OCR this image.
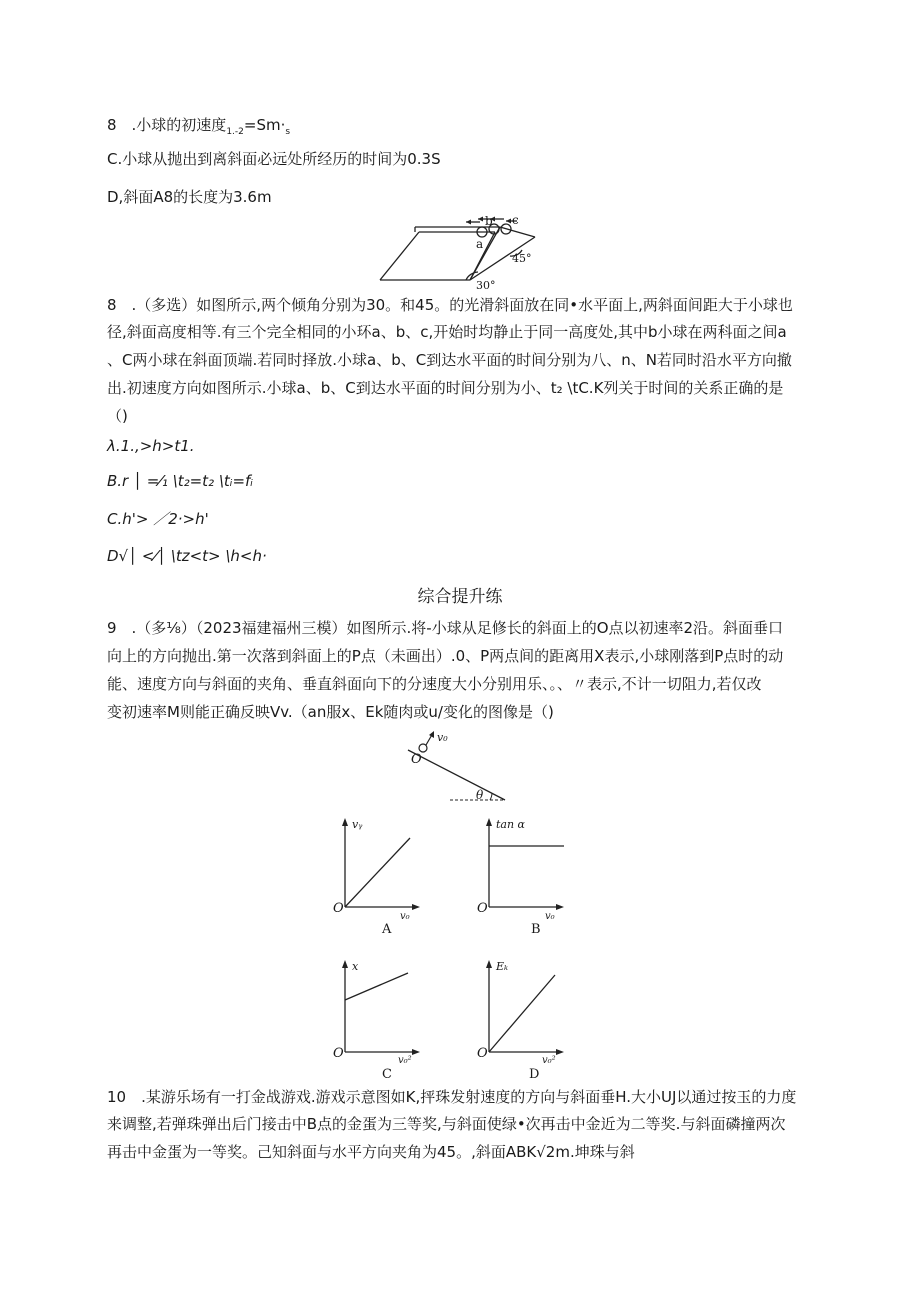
8　.小球的初速度$_{1.-2}=Sm\cdot_s$
C.小球从抛出到离斜面必远处所经历的时间为0.3S
D,斜面A8的长度为3.6m
a
b c
30°
45°
8　.（多选）如图所示,两个倾角分别为30。和45。的光滑斜面放在同•水平面上,两斜面间距大于小球也
径,斜面高度相等.有三个完全相同的小环a、b、c,开始时均静止于同一高度处,其中b小球在两科面之间a
、C两小球在斜面顶端.若同时择放.小球a、b、C到达水平面的时间分别为八、n、N若同时沿水平方向撤
出.初速度方向如图所示.小球a、b、C到达水平面的时间分别为小、t₂ \tC.K列关于时间的关系正确的是
（)
λ.1.,>h>t1.
B.r │ =⁄₁ \t₂=t₂ \tᵢ=fᵢ
C.h'> ／2·>h'
D√│ <⁄│ \tz<t> \h<h·
综合提升练
9　.（多⅛）（2023福建福州三模）如图所示.将-小球从足修长的斜面上的O点以初速率2沿。斜面垂口
向上的方向抛出.第一次落到斜面上的P点（未画出）.0、P两点间的距离用X表示,小球刚落到P点时的动
能、速度方向与斜面的夹角、垂直斜面向下的分速度大小分别用乐、。、〃表示,不计一切阻力,若仅改
变初速率M则能正确反映Vv.（an服x、Ek随肉或u/变化的图像是（)
v₀
O
θ
vᵧ
v₀
O
A
tan α
v₀
O
B
x
v₀²
O
C
Eₖ
v₀²
O
D
10　.某游乐场有一打金战游戏.游戏示意图如K,抨珠发射速度的方向与斜面垂H.大小UJ以通过按玉的力度
来调整,若弹珠弹出后门接击中B点的金蛋为三等奖,与斜面使绿•次再击中金近为二等奖.与斜面磷撞两次
再击中金蛋为一等奖。己知斜面与水平方向夹角为45。,斜面ABK√2m.坤珠与斜
